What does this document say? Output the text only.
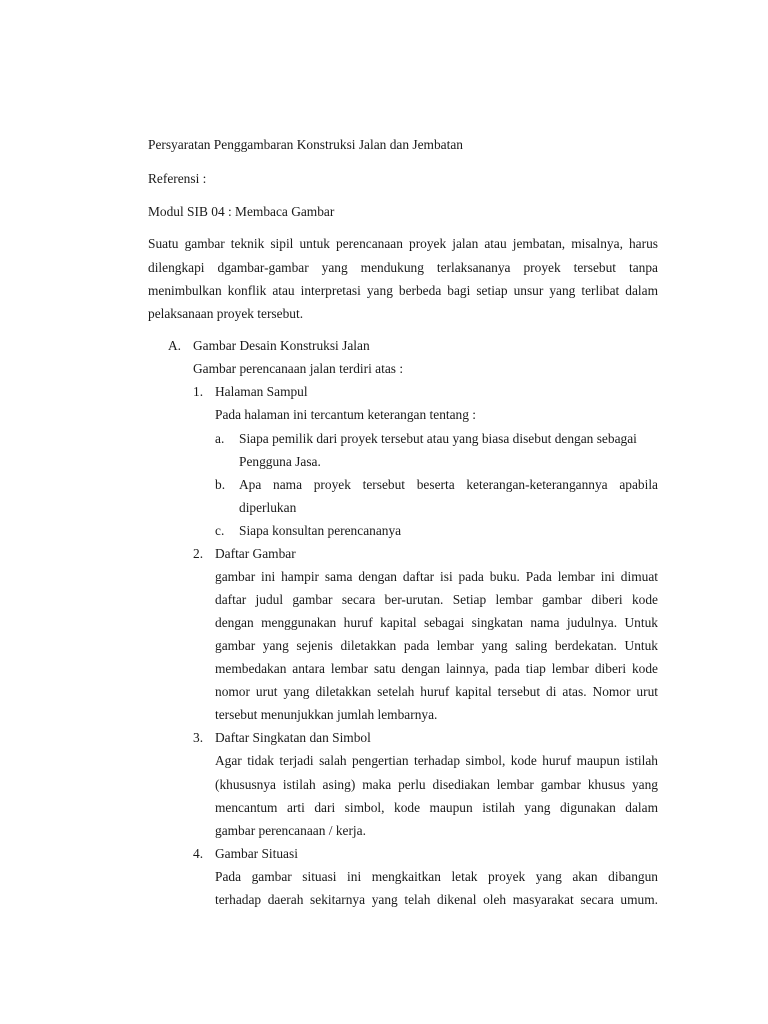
Persyaratan Penggambaran Konstruksi Jalan dan Jembatan
Referensi :
Modul SIB 04 : Membaca Gambar
Suatu gambar teknik sipil untuk perencanaan proyek jalan atau jembatan, misalnya, harus
dilengkapi dgambar-gambar yang mendukung terlaksananya proyek tersebut tanpa
menimbulkan konflik atau interpretasi yang berbeda bagi setiap unsur yang terlibat dalam
pelaksanaan proyek tersebut.
A. Gambar Desain Konstruksi Jalan
Gambar perencanaan jalan terdiri atas :
1. Halaman Sampul
Pada halaman ini tercantum keterangan tentang :
a. Siapa pemilik dari proyek tersebut atau yang biasa disebut dengan sebagai
Pengguna Jasa.
b. Apa nama proyek tersebut beserta keterangan-keterangannya apabila
diperlukan
c. Siapa konsultan perencananya
2. Daftar Gambar
gambar ini hampir sama dengan daftar isi pada buku. Pada lembar ini dimuat
daftar judul gambar secara ber-urutan. Setiap lembar gambar diberi kode
dengan menggunakan huruf kapital sebagai singkatan nama judulnya. Untuk
gambar yang sejenis diletakkan pada lembar yang saling berdekatan. Untuk
membedakan antara lembar satu dengan lainnya, pada tiap lembar diberi kode
nomor urut yang diletakkan setelah huruf kapital tersebut di atas. Nomor urut
tersebut menunjukkan jumlah lembarnya.
3. Daftar Singkatan dan Simbol
Agar tidak terjadi salah pengertian terhadap simbol, kode huruf maupun istilah
(khususnya istilah asing) maka perlu disediakan lembar gambar khusus yang
mencantum arti dari simbol, kode maupun istilah yang digunakan dalam
gambar perencanaan / kerja.
4. Gambar Situasi
Pada gambar situasi ini mengkaitkan letak proyek yang akan dibangun
terhadap daerah sekitarnya yang telah dikenal oleh masyarakat secara umum.
